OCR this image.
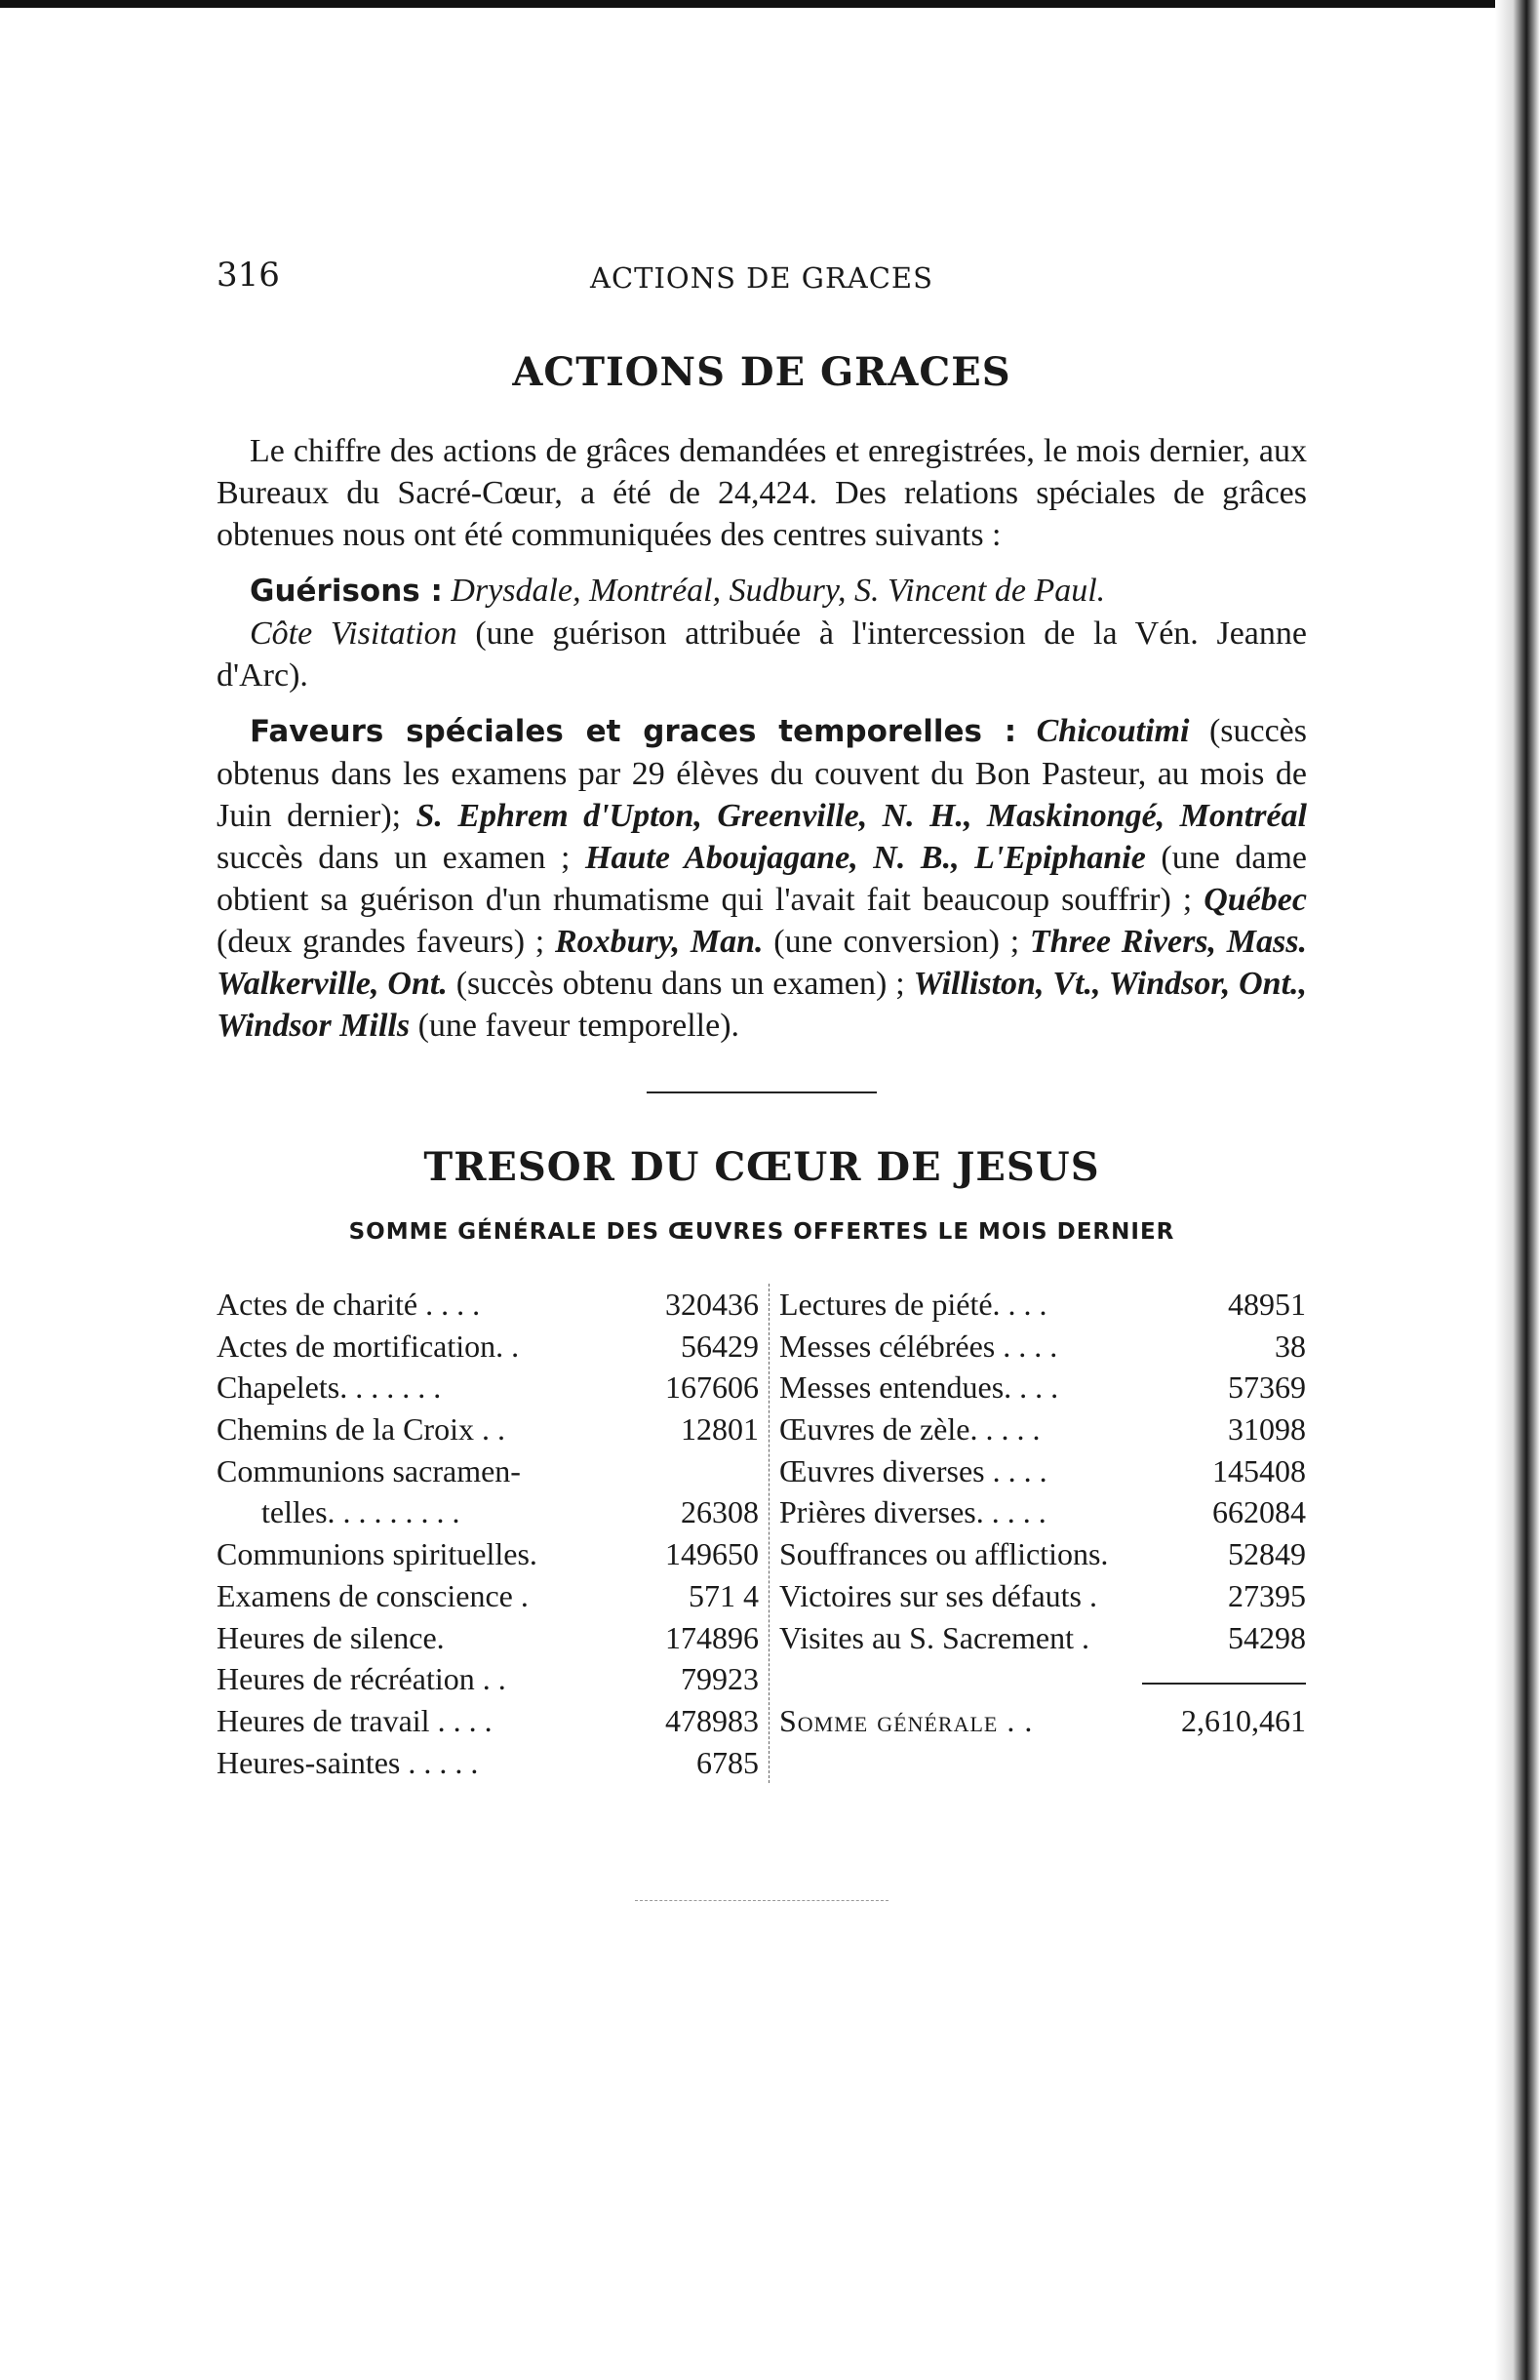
316	ACTIONS DE GRACES
ACTIONS DE GRACES

Le chiffre des actions de grâces demandées et enregistrées, le mois dernier, aux Bureaux du Sacré-Cœur, a été de 24,424. Des relations spéciales de grâces obtenues nous ont été communiquées des centres suivants :

Guérisons : Drysdale, Montréal, Sudbury, S. Vincent de Paul.

Côte Visitation (une guérison attribuée à l'intercession de la Vén. Jeanne d'Arc).

Faveurs spéciales et graces temporelles : Chicoutimi (succès obtenus dans les examens par 29 élèves du couvent du Bon Pasteur, au mois de Juin dernier); S. Ephrem d'Upton, Greenville, N. H., Maskinongé, Montréal succès dans un examen ; Haute Aboujagane, N. B., L'Epiphanie (une dame obtient sa guérison d'un rhumatisme qui l'avait fait beaucoup souffrir) ; Québec (deux grandes faveurs) ; Roxbury, Man. (une conversion) ; Three Rivers, Mass. Walkerville, Ont. (succès obtenu dans un examen) ; Williston, Vt., Windsor, Ont., Windsor Mills (une faveur temporelle).

TRESOR DU CŒUR DE JESUS
SOMME GÉNÉRALE DES ŒUVRES OFFERTES LE MOIS DERNIER
Actes de charité . . . .	320436
Actes de mortification. .	56429
Chapelets. . . . . . .	167606
Chemins de la Croix . .	12801
Communions sacramen-
telles. . . . . . . . .	26308
Communions spirituelles.	149650
Examens de conscience .	571 4
Heures de silence.	174896
Heures de récréation . .	79923
Heures de travail . . . .	478983
Heures-saintes . . . . .	6785
Lectures de piété. . . .	48951
Messes célébrées . . . .	38
Messes entendues. . . .	57369
Œuvres de zèle. . . . .	31098
Œuvres diverses . . . .	145408
Prières diverses. . . . .	662084
Souffrances ou afflictions.	52849
Victoires sur ses défauts .	27395
Visites au S. Sacrement .	54298
Somme générale . .	2,610,461
